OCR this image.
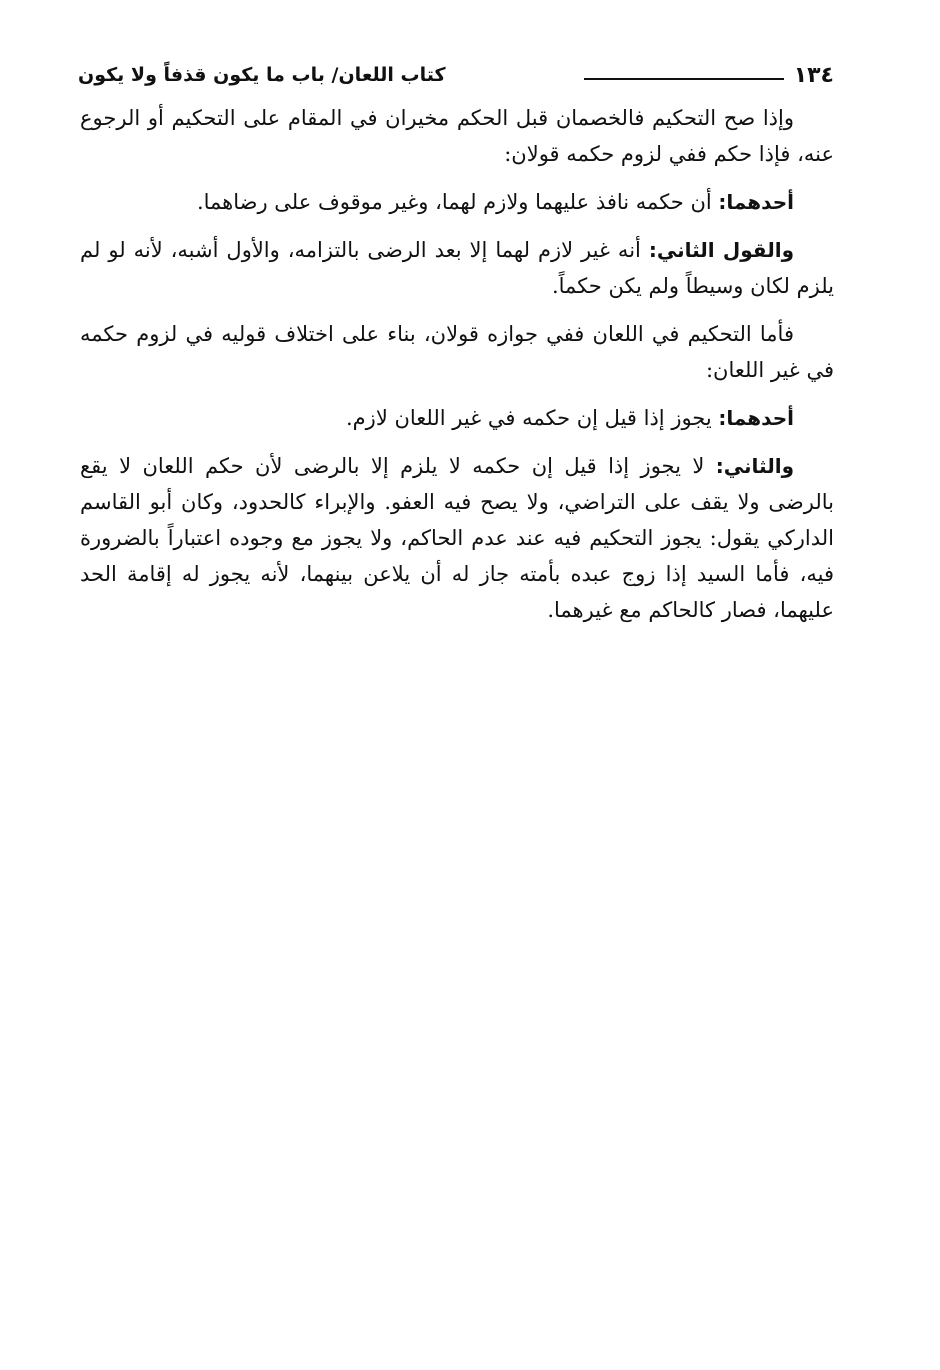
١٣٤
كتاب اللعان/ باب ما يكون قذفاً ولا يكون

وإذا صح التحكيم فالخصمان قبل الحكم مخيران في المقام على التحكيم أو الرجوع عنه، فإذا حكم ففي لزوم حكمه قولان:

أحدهما: أن حكمه نافذ عليهما ولازم لهما، وغير موقوف على رضاهما.

والقول الثاني: أنه غير لازم لهما إلا بعد الرضى بالتزامه، والأول أشبه، لأنه لو لم يلزم لكان وسيطاً ولم يكن حكماً.

فأما التحكيم في اللعان ففي جوازه قولان، بناء على اختلاف قوليه في لزوم حكمه في غير اللعان:

أحدهما: يجوز إذا قيل إن حكمه في غير اللعان لازم.

والثاني: لا يجوز إذا قيل إن حكمه لا يلزم إلا بالرضى لأن حكم اللعان لا يقع بالرضى ولا يقف على التراضي، ولا يصح فيه العفو. والإبراء كالحدود، وكان أبو القاسم الداركي يقول: يجوز التحكيم فيه عند عدم الحاكم، ولا يجوز مع وجوده اعتباراً بالضرورة فيه، فأما السيد إذا زوج عبده بأمته جاز له أن يلاعن بينهما، لأنه يجوز له إقامة الحد عليهما، فصار كالحاكم مع غيرهما.
